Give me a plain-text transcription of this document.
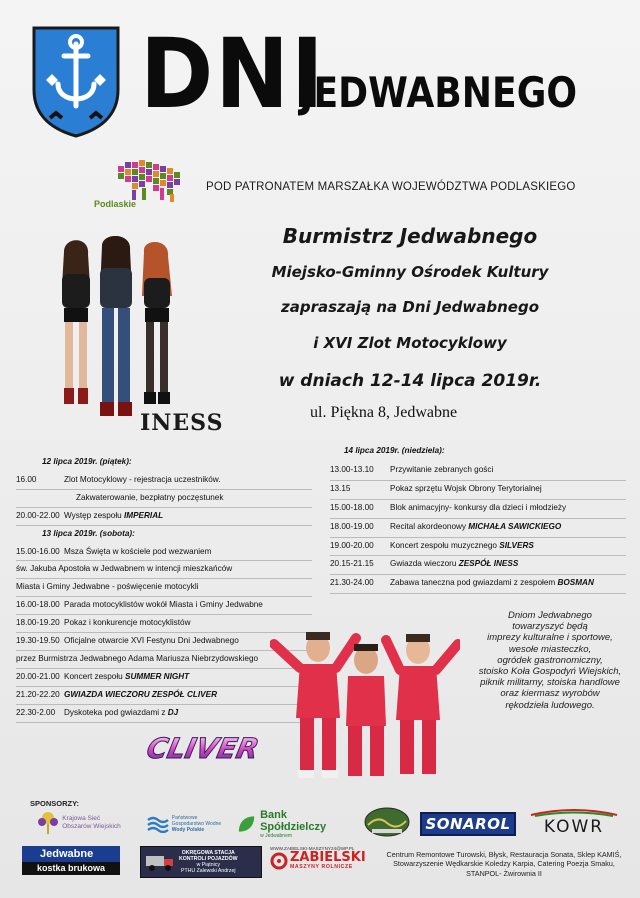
DNI
JEDWABNEGO
Podlaskie
POD PATRONATEM MARSZAŁKA WOJEWÓDZTWA PODLASKIEGO
Burmistrz Jedwabnego
Miejsko-Gminny Ośrodek Kultury
zapraszają na Dni Jedwabnego
i XVI Zlot Motocyklowy
w dniach 12-14 lipca 2019r.
ul. Piękna 8, Jedwabne
INESS
12 lipca 2019r. (piątek):
16.00	Zlot Motocyklowy - rejestracja uczestników.
Zakwaterowanie, bezpłatny poczęstunek
20.00-22.00 Występ zespołu IMPERIAL
13 lipca 2019r. (sobota):
15.00-16.00 Msza Święta w kościele pod wezwaniem
św. Jakuba Apostoła w Jedwabnem w intencji mieszkańców
Miasta i Gminy Jedwabne - poświęcenie motocykli
16.00-18.00 Parada motocyklistów wokół Miasta i Gminy Jedwabne
18.00-19.20 Pokaz i konkurencje motocyklistów
19.30-19.50 Oficjalne otwarcie XVI Festynu Dni Jedwabnego
przez Burmistrza Jedwabnego Adama Mariusza Niebrzydowskiego
20.00-21.00 Koncert zespołu SUMMER NIGHT
21.20-22.20 GWIAZDA WIECZORU ZESPÓŁ CLIVER
22.30-2.00 Dyskoteka pod gwiazdami z DJ
14 lipca 2019r. (niedziela):
13.00-13.10 Przywitanie zebranych gości
13.15	Pokaz sprzętu Wojsk Obrony Terytorialnej
15.00-18.00 Blok animacyjny- konkursy dla dzieci i młodzieży
18.00-19.00 Recital akordeonowy MICHAŁA SAWICKIEGO
19.00-20.00 Koncert zespołu muzycznego SILVERS
20.15-21.15 Gwiazda wieczoru ZESPÓŁ INESS
21.30-24.00 Zabawa taneczna pod gwiazdami z zespołem BOSMAN
Dniom Jedwabnego
towarzyszyć będą
imprezy kulturalne i sportowe,
wesołe miasteczko,
ogródek gastronomiczny,
stoisko Koła Gospodyń Wiejskich,
piknik militarny, stoiska handlowe
oraz kiermasz wyrobów
rękodzieła ludowego.
CLIVER
SPONSORZY:
Krajowa Sieć
Obszarów Wiejskich
Państwowe
Gospodarstwo Wodne
Wody Polskie
Bank Spółdzielczy
w Jedwabnem
SONAROL KOWR
Jedwabne
kostka brukowa
OKRĘGOWA STACJA
KONTROLI POJAZDÓW
w Piątnicy
PTHU Zalewski Andrzej
WWW.ZABIELSKI-MASZYNY24@WP.PL
ZABIELSKI
MASZYNY ROLNICZE
Centrum Remontowe Turowski, Błysk, Restauracja Sonata, Sklep KAMIŚ, Stowarzyszenie Wędkarskie Koledzy Karpia, Catering Poezja Smaku, STANPOL- Żwirownia II
